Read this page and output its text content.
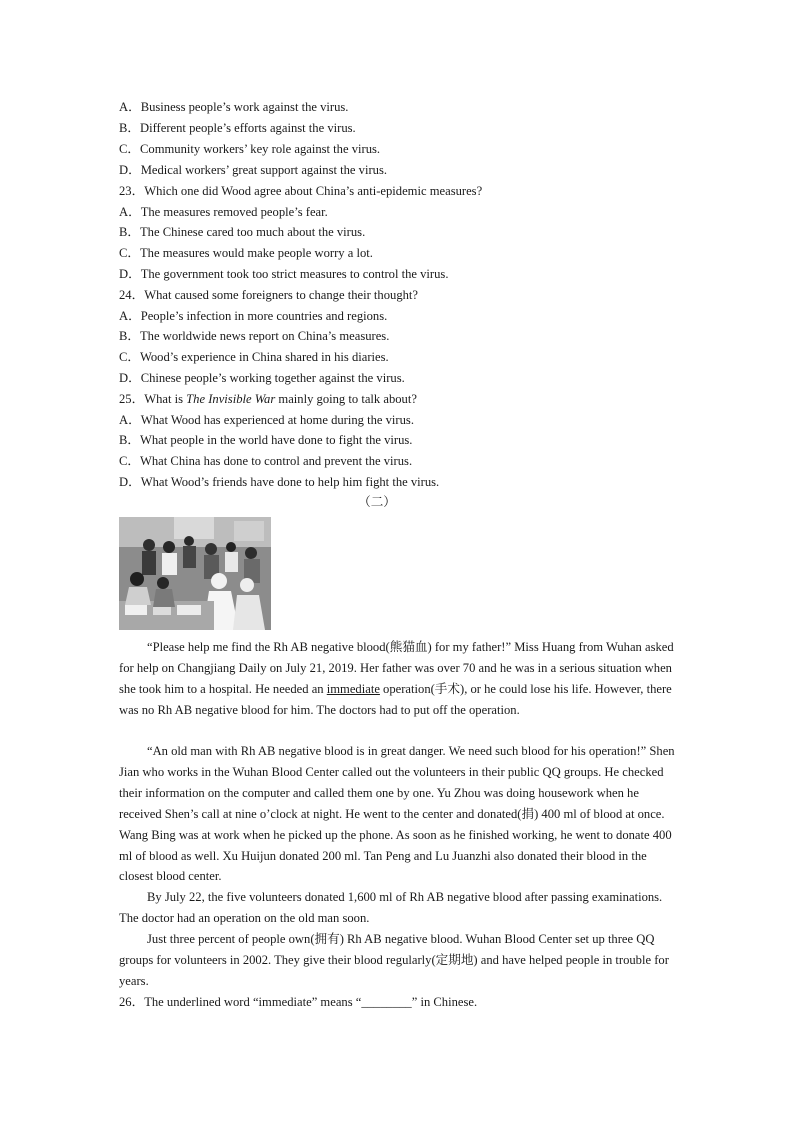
A．Business people’s work against the virus.
B．Different people’s efforts against the virus.
C．Community workers’ key role against the virus.
D．Medical workers’ great support against the virus.
23．Which one did Wood agree about China’s anti-epidemic measures?
A．The measures removed people’s fear.
B．The Chinese cared too much about the virus.
C．The measures would make people worry a lot.
D．The government took too strict measures to control the virus.
24．What caused some foreigners to change their thought?
A．People’s infection in more countries and regions.
B．The worldwide news report on China’s measures.
C．Wood’s experience in China shared in his diaries.
D．Chinese people’s working together against the virus.
25．What is The Invisible War mainly going to talk about?
A．What Wood has experienced at home during the virus.
B．What people in the world have done to fight the virus.
C．What China has done to control and prevent the virus.
D．What Wood’s friends have done to help him fight the virus.
（二）

“Please help me find the Rh AB negative blood(熊猫血) for my father!” Miss Huang from Wuhan asked for help on Changjiang Daily on July 21, 2019. Her father was over 70 and he was in a serious situation when she took him to a hospital. He needed an immediate operation(手术), or he could lose his life. However, there was no Rh AB negative blood for him. The doctors had to put off the operation.

“An old man with Rh AB negative blood is in great danger. We need such blood for his operation!” Shen Jian who works in the Wuhan Blood Center called out the volunteers in their public QQ groups. He checked their information on the computer and called them one by one. Yu Zhou was doing housework when he received Shen’s call at nine o’clock at night. He went to the center and donated(捐) 400 ml of blood at once. Wang Bing was at work when he picked up the phone. As soon as he finished working, he went to donate 400 ml of blood as well. Xu Huijun donated 200 ml. Tan Peng and Lu Juanzhi also donated their blood in the closest blood center.

By July 22, the five volunteers donated 1,600 ml of Rh AB negative blood after passing examinations. The doctor had an operation on the old man soon.

Just three percent of people own(拥有) Rh AB negative blood. Wuhan Blood Center set up three QQ groups for volunteers in 2002. They give their blood regularly(定期地) and have helped people in trouble for years.

26．The underlined word “immediate” means “________” in Chinese.
